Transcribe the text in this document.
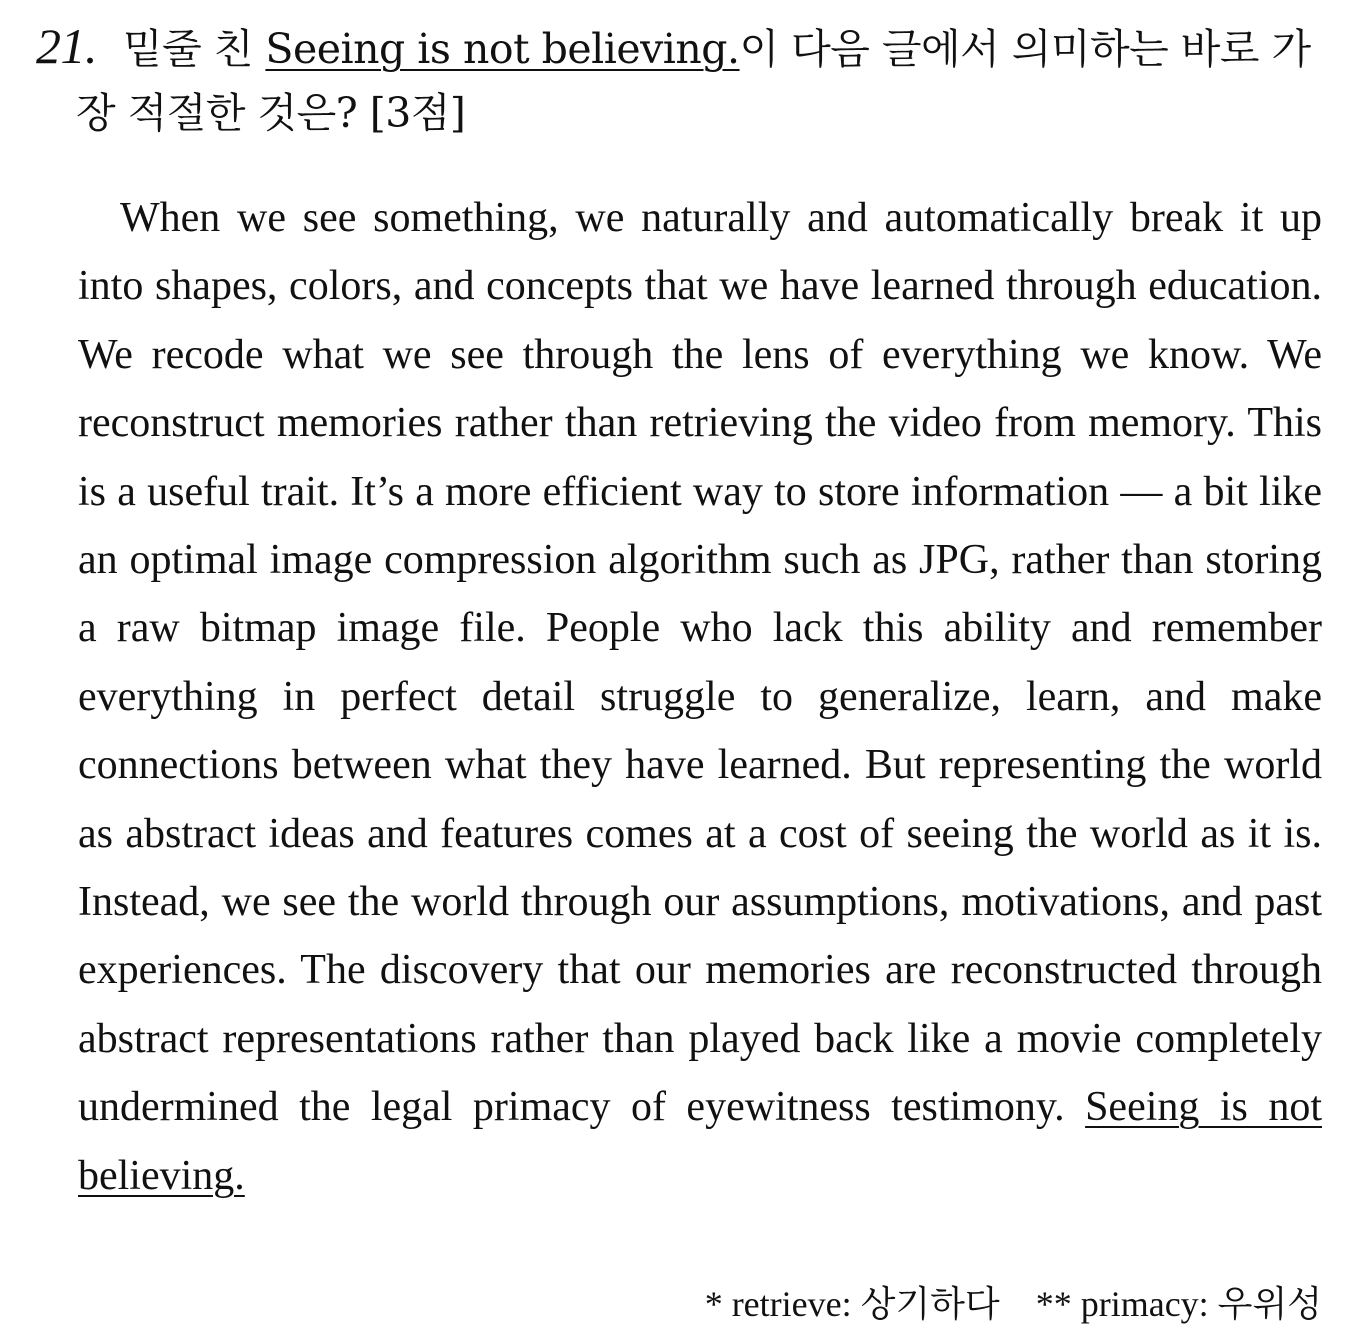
21. 밑줄 친 Seeing is not believing.이 다음 글에서 의미하는 바로 가
장 적절한 것은? [3점]

When we see something, we naturally and automatically break it up into shapes, colors, and concepts that we have learned through education. We recode what we see through the lens of everything we know. We reconstruct memories rather than retrieving the video from memory. This is a useful trait. It’s a more efficient way to store information — a bit like an optimal image compression algorithm such as JPG, rather than storing a raw bitmap image file. People who lack this ability and remember everything in perfect detail struggle to generalize, learn, and make connections between what they have learned. But representing the world as abstract ideas and features comes at a cost of seeing the world as it is. Instead, we see the world through our assumptions, motivations, and past experiences. The discovery that our memories are reconstructed through abstract representations rather than played back like a movie completely undermined the legal primacy of eyewitness testimony. Seeing is not believing.

* retrieve: 상기하다 ** primacy: 우위성
